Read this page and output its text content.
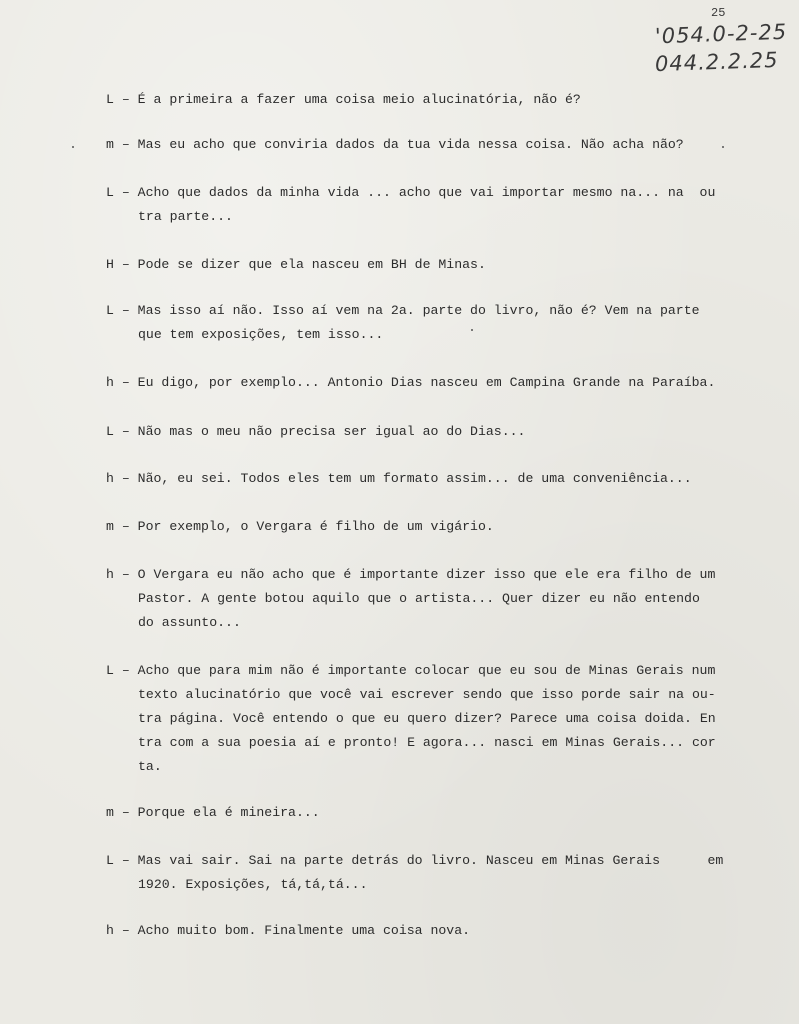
25
'054.0-2-25
044.2.2.25
L – É a primeira a fazer uma coisa meio alucinatória, não é?
m – Mas eu acho que conviria dados da tua vida nessa coisa. Não acha não?
L – Acho que dados da minha vida ... acho que vai importar mesmo na... na  ou
tra parte...
H – Pode se dizer que ela nasceu em BH de Minas.
L – Mas isso aí não. Isso aí vem na 2a. parte do livro, não é? Vem na parte
que tem exposições, tem isso...
h – Eu digo, por exemplo... Antonio Dias nasceu em Campina Grande na Paraíba.
L – Não mas o meu não precisa ser igual ao do Dias...
h – Não, eu sei. Todos eles tem um formato assim... de uma conveniência...
m – Por exemplo, o Vergara é filho de um vigário.
h – O Vergara eu não acho que é importante dizer isso que ele era filho de um
Pastor. A gente botou aquilo que o artista... Quer dizer eu não entendo
do assunto...
L – Acho que para mim não é importante colocar que eu sou de Minas Gerais num
texto alucinatório que você vai escrever sendo que isso porde sair na ou-
tra página. Você entendo o que eu quero dizer? Parece uma coisa doida. En
tra com a sua poesia aí e pronto! E agora... nasci em Minas Gerais... cor
ta.
m – Porque ela é mineira...
L – Mas vai sair. Sai na parte detrás do livro. Nasceu em Minas Gerais      em
1920. Exposições, tá,tá,tá...
h – Acho muito bom. Finalmente uma coisa nova.
